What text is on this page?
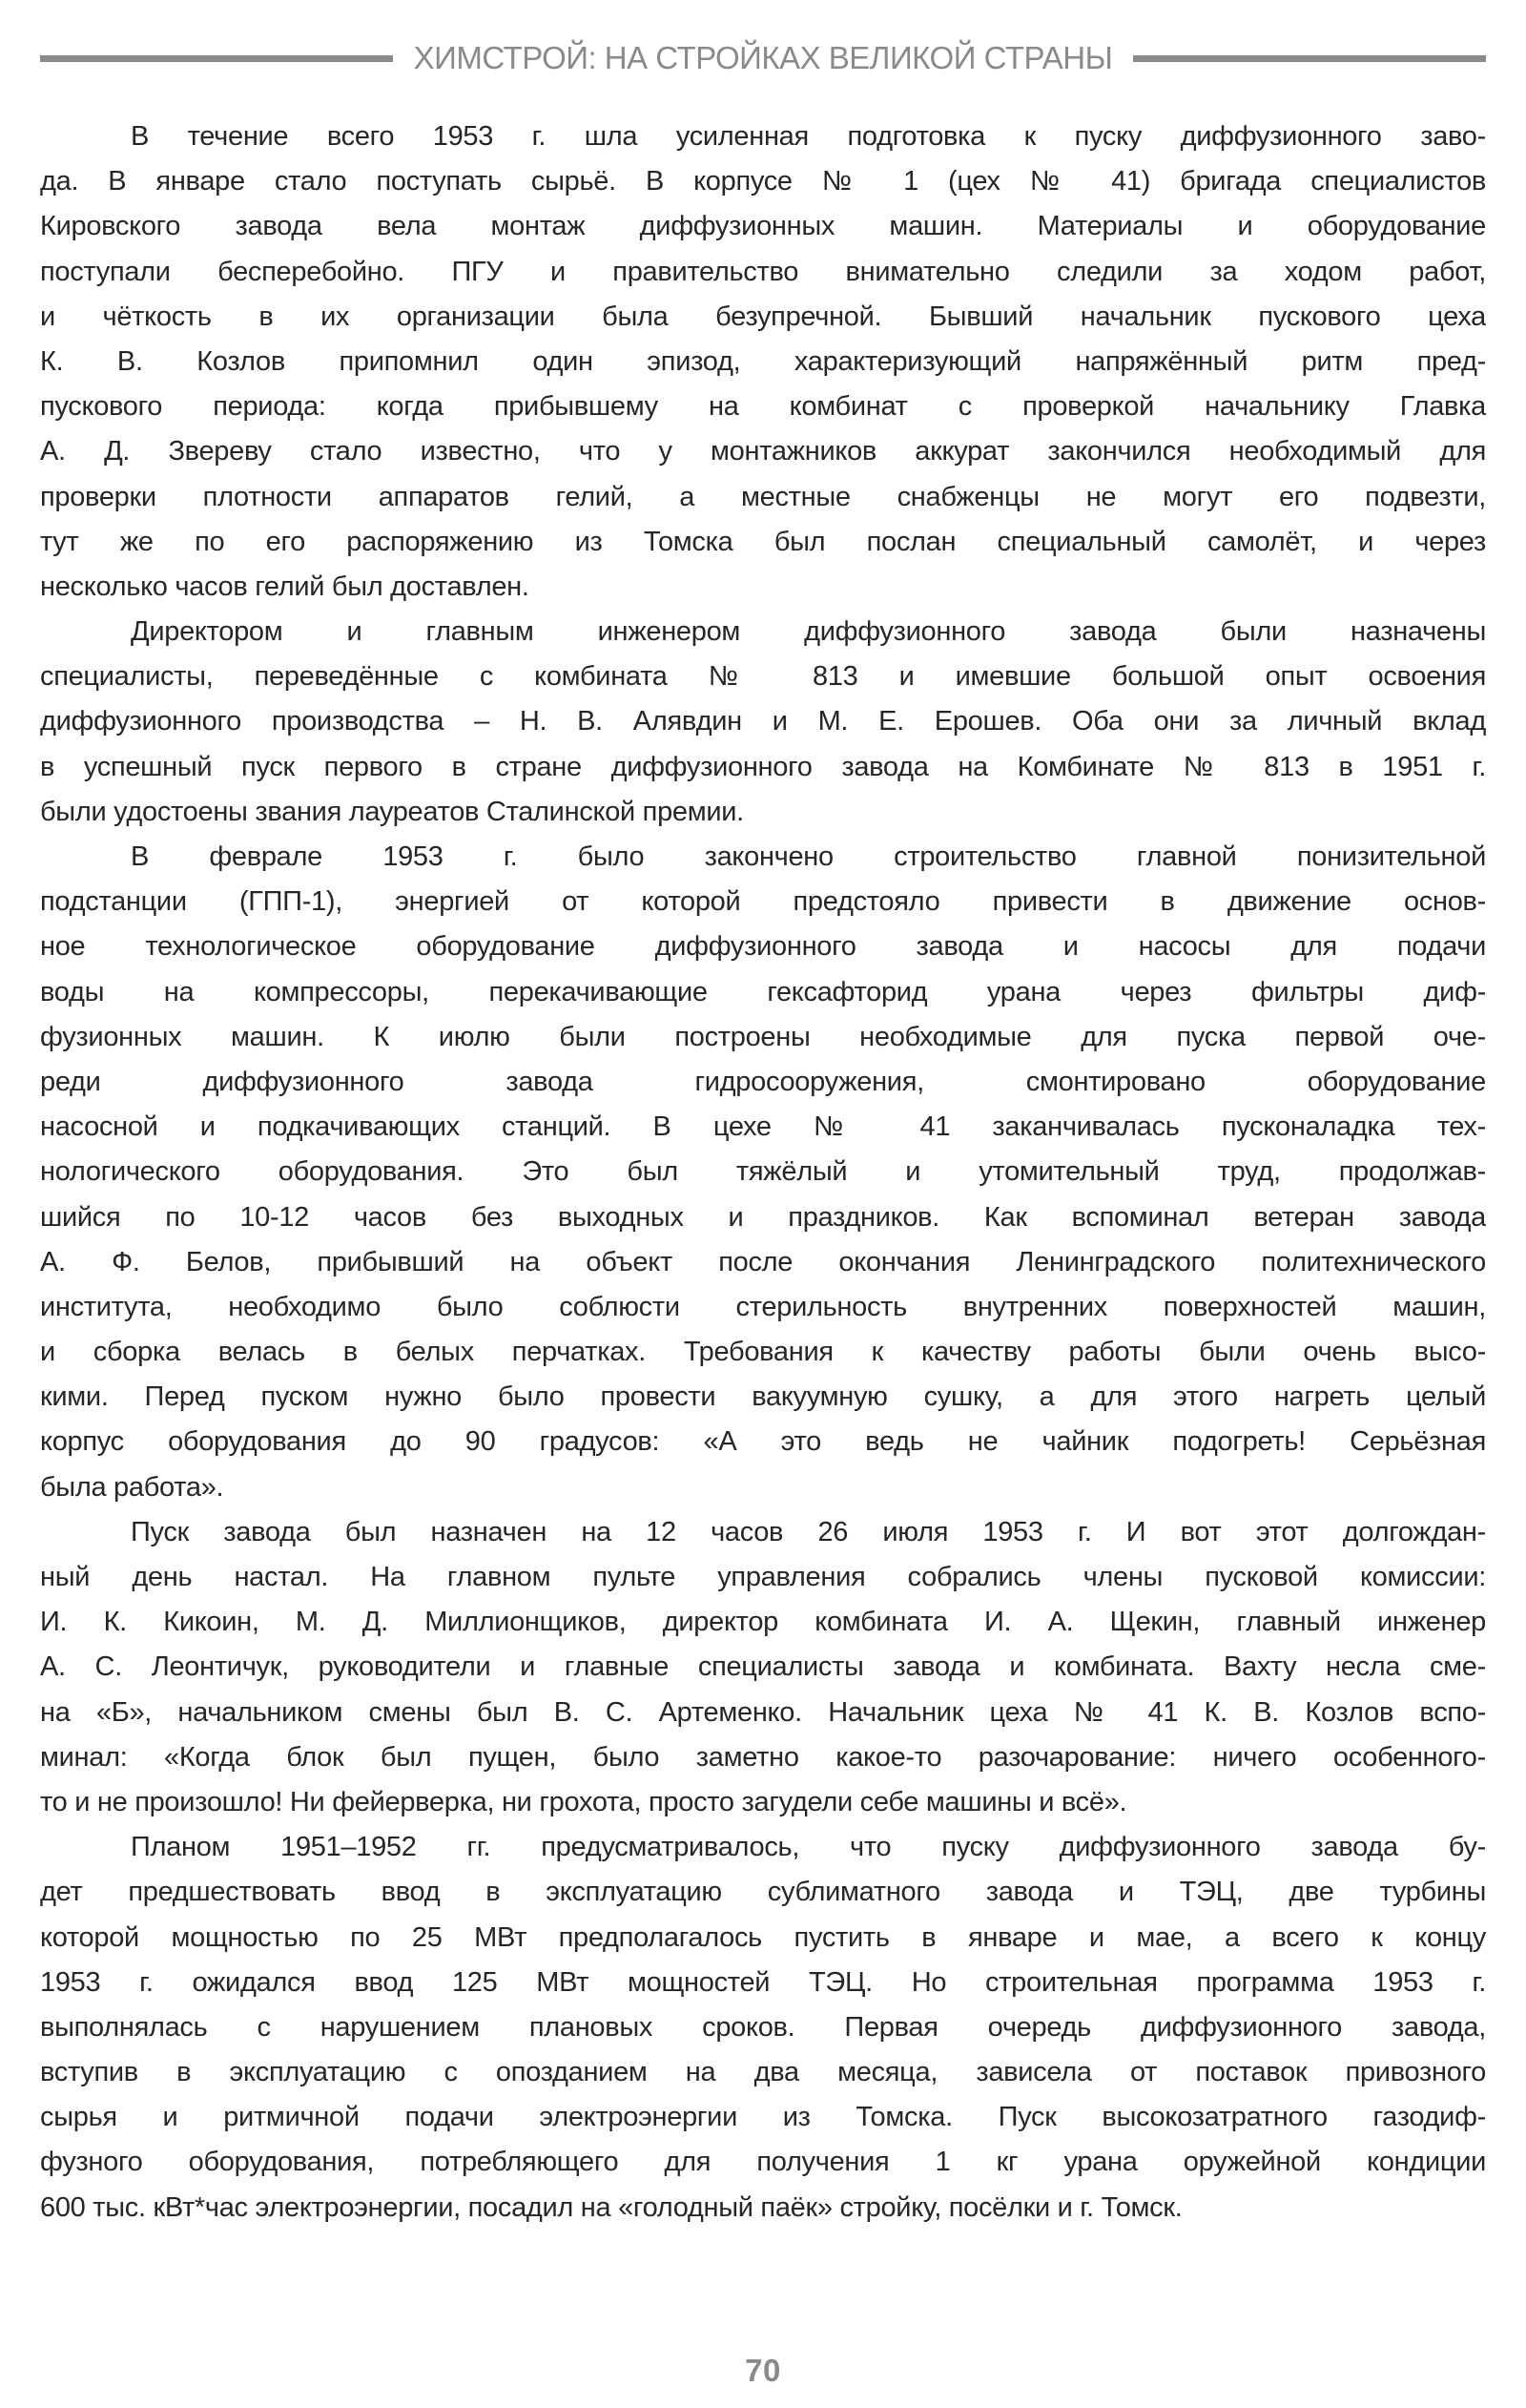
ХИМСТРОЙ: НА СТРОЙКАХ ВЕЛИКОЙ СТРАНЫ
В течение всего 1953 г. шла усиленная подготовка к пуску диффузионного заво-
да. В январе стало поступать сырьё. В корпусе № 1 (цех № 41) бригада специалистов
Кировского завода вела монтаж диффузионных машин. Материалы и оборудование
поступали бесперебойно. ПГУ и правительство внимательно следили за ходом работ,
и чёткость в их организации была безупречной. Бывший начальник пускового цеха
К. В. Козлов припомнил один эпизод, характеризующий напряжённый ритм пред-
пускового периода: когда прибывшему на комбинат с проверкой начальнику Главка
А. Д. Звереву стало известно, что у монтажников аккурат закончился необходимый для
проверки плотности аппаратов гелий, а местные снабженцы не могут его подвезти,
тут же по его распоряжению из Томска был послан специальный самолёт, и через
несколько часов гелий был доставлен.
Директором и главным инженером диффузионного завода были назначены
специалисты, переведённые с комбината № 813 и имевшие большой опыт освоения
диффузионного производства – Н. В. Алявдин и М. Е. Ерошев. Оба они за личный вклад
в успешный пуск первого в стране диффузионного завода на Комбинате № 813 в 1951 г.
были удостоены звания лауреатов Сталинской премии.
В феврале 1953 г. было закончено строительство главной понизительной
подстанции (ГПП-1), энергией от которой предстояло привести в движение основ-
ное технологическое оборудование диффузионного завода и насосы для подачи
воды на компрессоры, перекачивающие гексафторид урана через фильтры диф-
фузионных машин. К июлю были построены необходимые для пуска первой оче-
реди диффузионного завода гидросооружения, смонтировано оборудование
насосной и подкачивающих станций. В цехе № 41 заканчивалась пусконаладка тех-
нологического оборудования. Это был тяжёлый и утомительный труд, продолжав-
шийся по 10-12 часов без выходных и праздников. Как вспоминал ветеран завода
А. Ф. Белов, прибывший на объект после окончания Ленинградского политехнического
института, необходимо было соблюсти стерильность внутренних поверхностей машин,
и сборка велась в белых перчатках. Требования к качеству работы были очень высо-
кими. Перед пуском нужно было провести вакуумную сушку, а для этого нагреть целый
корпус оборудования до 90 градусов: «А это ведь не чайник подогреть! Серьёзная
была работа».
Пуск завода был назначен на 12 часов 26 июля 1953 г. И вот этот долгождан-
ный день настал. На главном пульте управления собрались члены пусковой комиссии:
И. К. Кикоин, М. Д. Миллионщиков, директор комбината И. А. Щекин, главный инженер
А. С. Леонтичук, руководители и главные специалисты завода и комбината. Вахту несла сме-
на «Б», начальником смены был В. С. Артеменко. Начальник цеха № 41 К. В. Козлов вспо-
минал: «Когда блок был пущен, было заметно какое-то разочарование: ничего особенного-
то и не произошло! Ни фейерверка, ни грохота, просто загудели себе машины и всё».
Планом 1951–1952 гг. предусматривалось, что пуску диффузионного завода бу-
дет предшествовать ввод в эксплуатацию сублиматного завода и ТЭЦ, две турбины
которой мощностью по 25 МВт предполагалось пустить в январе и мае, а всего к концу
1953 г. ожидался ввод 125 МВт мощностей ТЭЦ. Но строительная программа 1953 г.
выполнялась с нарушением плановых сроков. Первая очередь диффузионного завода,
вступив в эксплуатацию с опозданием на два месяца, зависела от поставок привозного
сырья и ритмичной подачи электроэнергии из Томска. Пуск высокозатратного газодиф-
фузного оборудования, потребляющего для получения 1 кг урана оружейной кондиции
600 тыс. кВт*час электроэнергии, посадил на «голодный паёк» стройку, посёлки и г. Томск.
70
